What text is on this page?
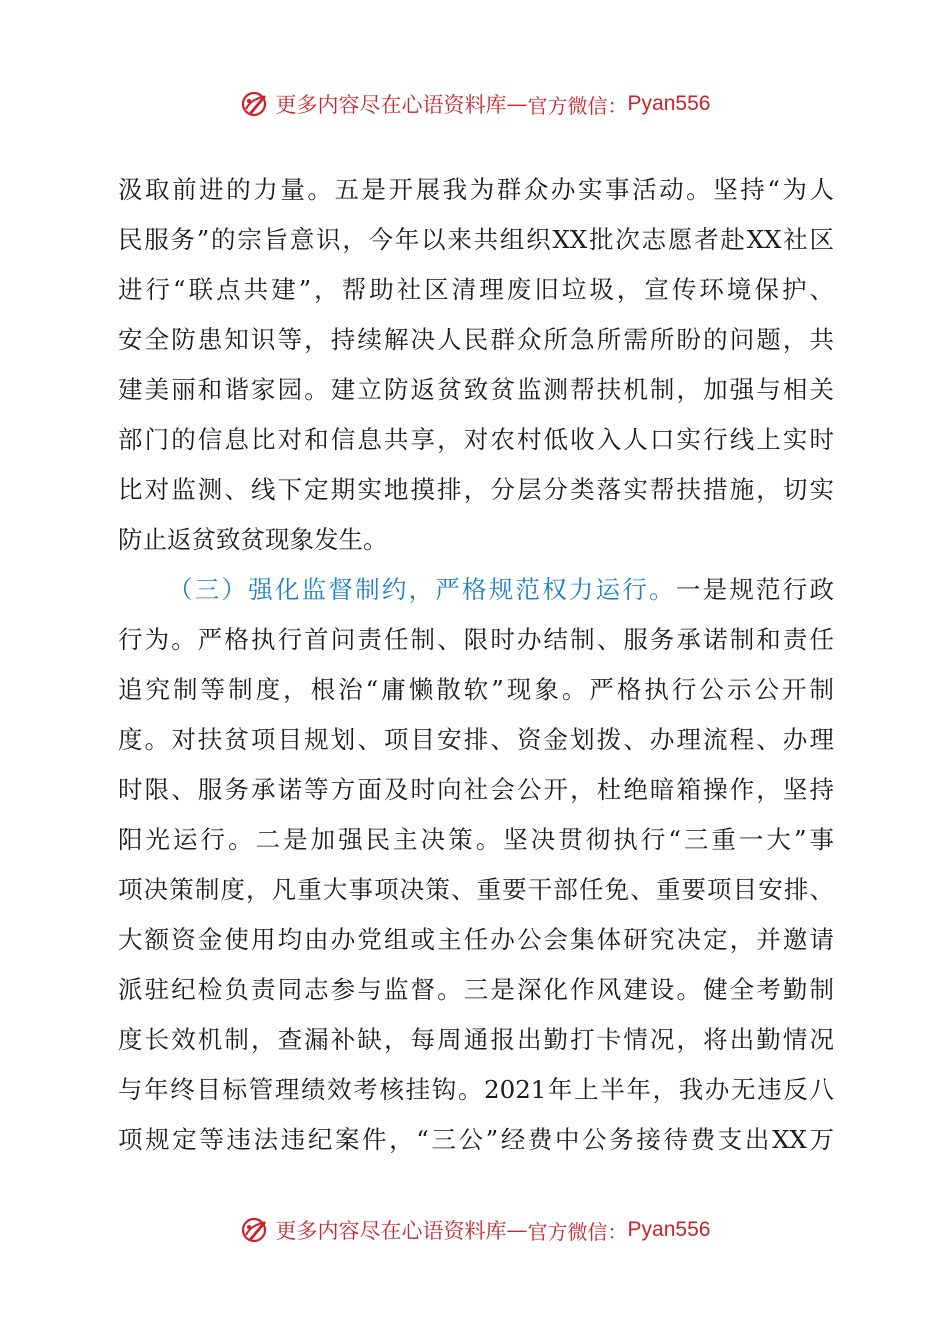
更多内容尽在心语资料库 — 官方微信： Pyan556
汲取前进的力量。五是开展我为群众办实事活动。坚持“为人
民服务”的宗旨意识，今年以来共组织XX批次志愿者赴XX社区
进行“联点共建”，帮助社区清理废旧垃圾，宣传环境保护、
安全防患知识等，持续解决人民群众所急所需所盼的问题，共
建美丽和谐家园。建立防返贫致贫监测帮扶机制，加强与相关
部门的信息比对和信息共享，对农村低收入人口实行线上实时
比对监测、线下定期实地摸排，分层分类落实帮扶措施，切实
防止返贫致贫现象发生。
（三）强化监督制约，严格规范权力运行。一是规范行政
行为。严格执行首问责任制、限时办结制、服务承诺制和责任
追究制等制度，根治“庸懒散软”现象。严格执行公示公开制
度。对扶贫项目规划、项目安排、资金划拨、办理流程、办理
时限、服务承诺等方面及时向社会公开，杜绝暗箱操作，坚持
阳光运行。二是加强民主决策。坚决贯彻执行“三重一大”事
项决策制度，凡重大事项决策、重要干部任免、重要项目安排、
大额资金使用均由办党组或主任办公会集体研究决定，并邀请
派驻纪检负责同志参与监督。三是深化作风建设。健全考勤制
度长效机制，查漏补缺，每周通报出勤打卡情况，将出勤情况
与年终目标管理绩效考核挂钩。2021年上半年，我办无违反八
项规定等违法违纪案件，“三公”经费中公务接待费支出XX万
更多内容尽在心语资料库 — 官方微信： Pyan556
